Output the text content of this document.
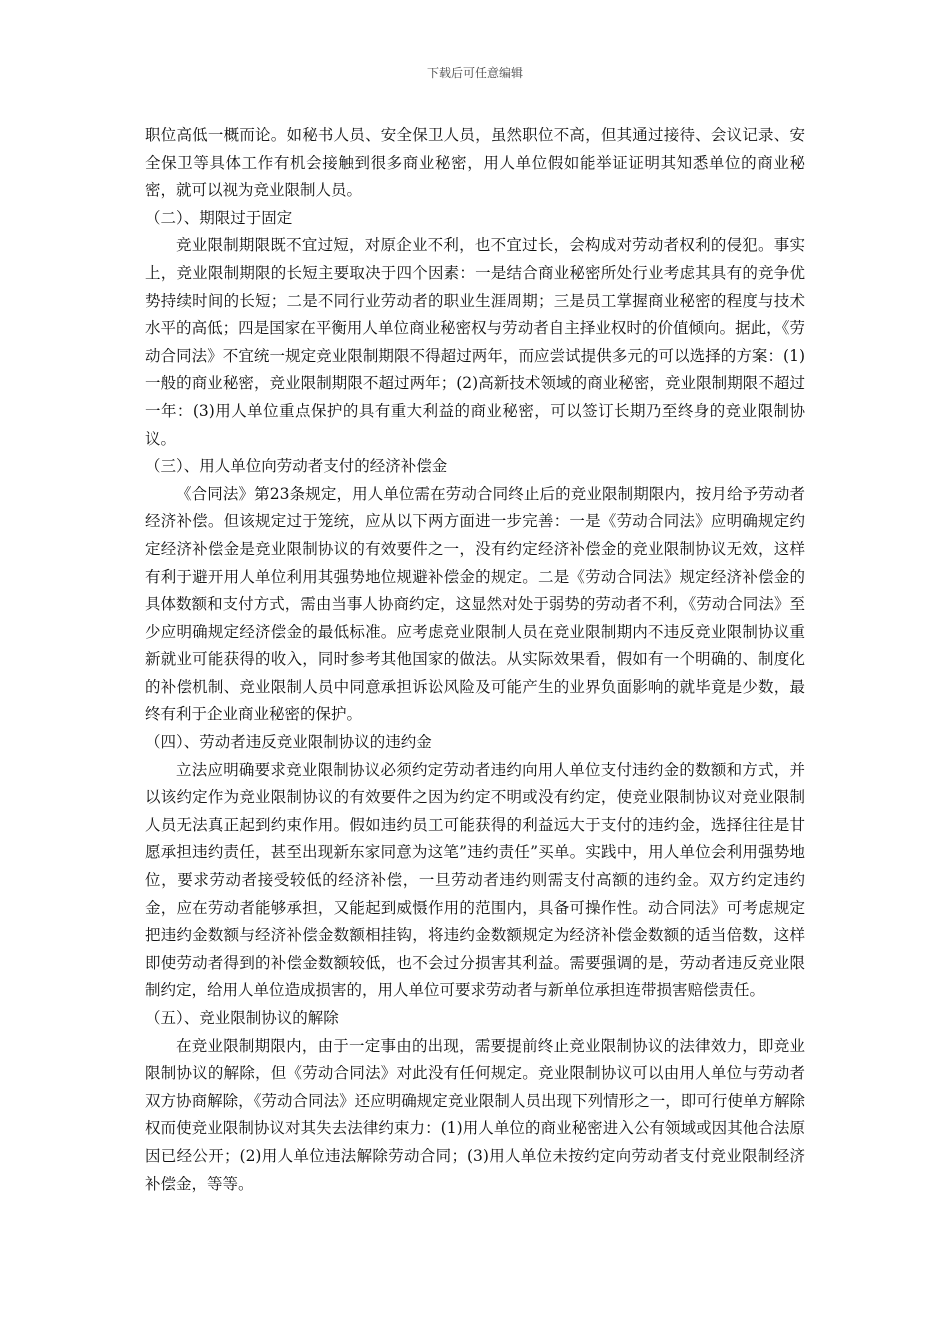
下载后可任意编辑

职位高低一概而论。如秘书人员、安全保卫人员，虽然职位不高，但其通过接待、会议记录、安全保卫等具体工作有机会接触到很多商业秘密，用人单位假如能举证证明其知悉单位的商业秘密，就可以视为竞业限制人员。

（二）、期限过于固定

竞业限制期限既不宜过短，对原企业不利，也不宜过长，会构成对劳动者权利的侵犯。事实上，竞业限制期限的长短主要取决于四个因素：一是结合商业秘密所处行业考虑其具有的竞争优势持续时间的长短；二是不同行业劳动者的职业生涯周期；三是员工掌握商业秘密的程度与技术水平的高低；四是国家在平衡用人单位商业秘密权与劳动者自主择业权时的价值倾向。据此，《劳动合同法》不宜统一规定竞业限制期限不得超过两年，而应尝试提供多元的可以选择的方案：(1)一般的商业秘密，竞业限制期限不超过两年；(2)高新技术领域的商业秘密，竞业限制期限不超过一年：(3)用人单位重点保护的具有重大利益的商业秘密，可以签订长期乃至终身的竞业限制协议。

（三）、用人单位向劳动者支付的经济补偿金

《合同法》第23条规定，用人单位需在劳动合同终止后的竞业限制期限内，按月给予劳动者经济补偿。但该规定过于笼统，应从以下两方面进一步完善：一是《劳动合同法》应明确规定约定经济补偿金是竞业限制协议的有效要件之一，没有约定经济补偿金的竞业限制协议无效，这样有利于避开用人单位利用其强势地位规避补偿金的规定。二是《劳动合同法》规定经济补偿金的具体数额和支付方式，需由当事人协商约定，这显然对处于弱势的劳动者不利，《劳动合同法》至少应明确规定经济偿金的最低标准。应考虑竞业限制人员在竞业限制期内不违反竞业限制协议重新就业可能获得的收入，同时参考其他国家的做法。从实际效果看，假如有一个明确的、制度化的补偿机制、竞业限制人员中同意承担诉讼风险及可能产生的业界负面影响的就毕竟是少数，最终有利于企业商业秘密的保护。

（四）、劳动者违反竞业限制协议的违约金

立法应明确要求竞业限制协议必须约定劳动者违约向用人单位支付违约金的数额和方式，并以该约定作为竞业限制协议的有效要件之因为约定不明或没有约定，使竞业限制协议对竞业限制人员无法真正起到约束作用。假如违约员工可能获得的利益远大于支付的违约金，选择往往是甘愿承担违约责任，甚至出现新东家同意为这笔”违约责任”买单。实践中，用人单位会利用强势地位，要求劳动者接受较低的经济补偿，一旦劳动者违约则需支付高额的违约金。双方约定违约金，应在劳动者能够承担，又能起到威慑作用的范围内，具备可操作性。动合同法》可考虑规定把违约金数额与经济补偿金数额相挂钩，将违约金数额规定为经济补偿金数额的适当倍数，这样即使劳动者得到的补偿金数额较低，也不会过分损害其利益。需要强调的是，劳动者违反竞业限制约定，给用人单位造成损害的，用人单位可要求劳动者与新单位承担连带损害赔偿责任。

（五）、竞业限制协议的解除

在竞业限制期限内，由于一定事由的出现，需要提前终止竞业限制协议的法律效力，即竞业限制协议的解除，但《劳动合同法》对此没有任何规定。竞业限制协议可以由用人单位与劳动者双方协商解除，《劳动合同法》还应明确规定竞业限制人员出现下列情形之一，即可行使单方解除权而使竞业限制协议对其失去法律约束力：(1)用人单位的商业秘密进入公有领域或因其他合法原因已经公开；(2)用人单位违法解除劳动合同；(3)用人单位未按约定向劳动者支付竞业限制经济补偿金，等等。
